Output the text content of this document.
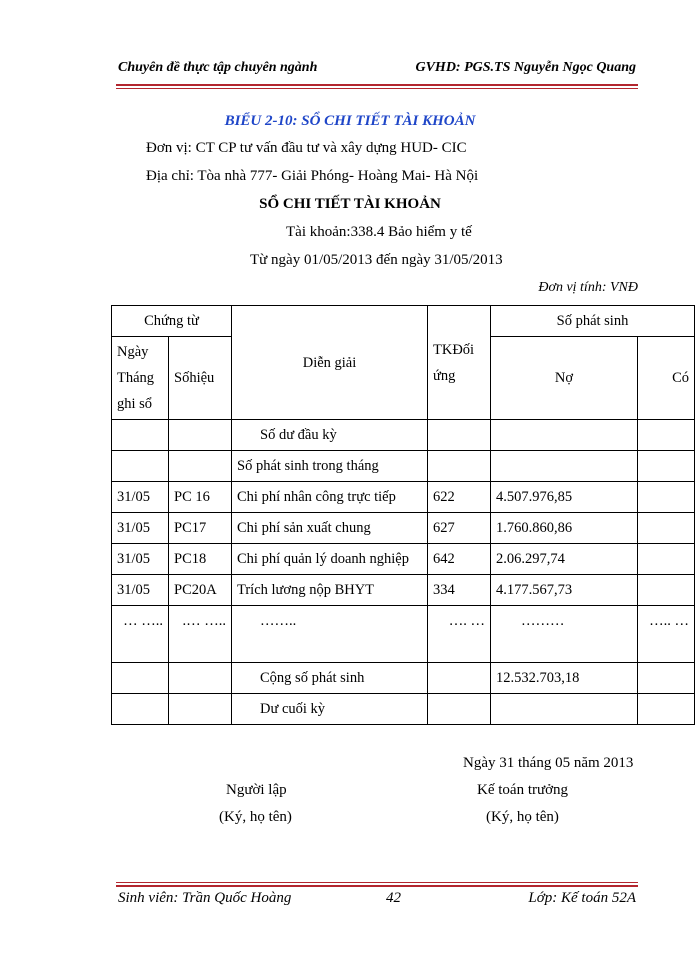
Chuyên đề thực tập chuyên ngành	GVHD: PGS.TS Nguyễn Ngọc Quang
BIỂU 2-10: SỔ CHI TIẾT TÀI KHOẢN
Đơn vị: CT CP tư vấn đầu tư và xây dựng HUD- CIC
Địa chỉ: Tòa nhà 777- Giải Phóng- Hoàng Mai- Hà Nội
SỔ CHI TIẾT TÀI KHOẢN
Tài khoản:338.4 Bảo hiểm y tế
Từ ngày 01/05/2013 đến ngày 31/05/2013
Đơn vị tính: VNĐ
Chứng từ		Diễn giải	TKĐối ứng	Số phát sinh	
Ngày Tháng ghi sổ	Sốhiệu			Nợ	Có
		Số dư đầu kỳ			
		Số phát sinh trong tháng			
31/05	PC 16	Chi phí nhân công trực tiếp	622	4.507.976,85	
31/05	PC17	Chi phí sản xuất chung	627	1.760.860,86	
31/05	PC18	Chi phí quản lý doanh nghiệp	642	2.06.297,74	
31/05	PC20A	Trích lương nộp BHYT	334	4.177.567,73	
… …..	.… …..	……..	…. …	………	….. …
		Cộng số phát sinh		12.532.703,18	
		Dư cuối kỳ			
Ngày 31 tháng 05 năm 2013
Người lập	Kế toán trưởng
(Ký, họ tên)	(Ký, họ tên)
Sinh viên: Trần Quốc Hoàng	42	Lớp: Kế toán 52A
